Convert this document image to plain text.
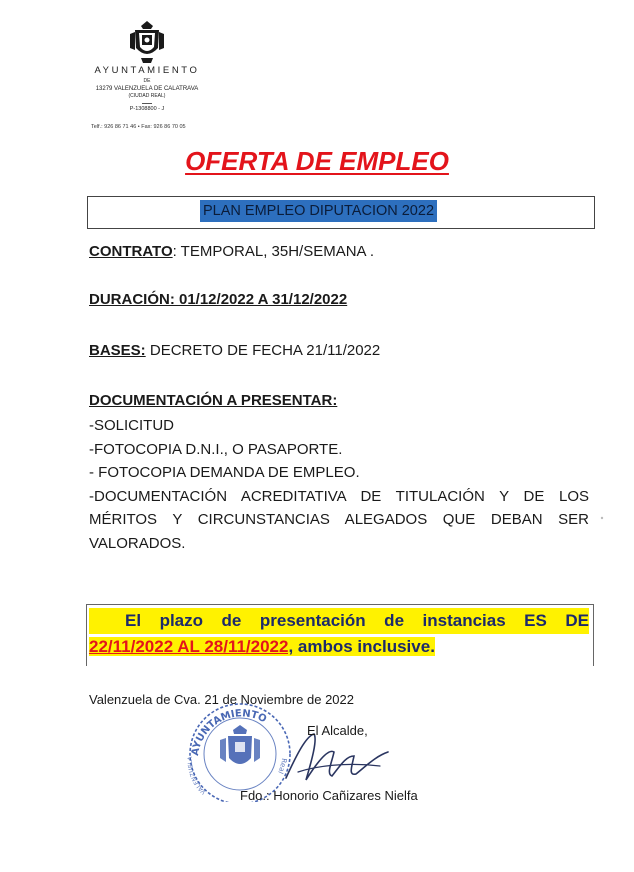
AYUNTAMIENTO
DE
13279 VALENZUELA DE CALATRAVA
(CIUDAD REAL)
P-1308800 - J
Telf.: 926 86 71 46 • Fax: 926 86 70 05
OFERTA DE EMPLEO
PLAN EMPLEO DIPUTACION 2022
CONTRATO: TEMPORAL, 35H/SEMANA .
DURACIÓN: 01/12/2022 A 31/12/2022
BASES: DECRETO DE FECHA 21/11/2022
DOCUMENTACIÓN A PRESENTAR:
-SOLICITUD
-FOTOCOPIA D.N.I., O PASAPORTE.
- FOTOCOPIA DEMANDA DE EMPLEO.
-DOCUMENTACIÓN ACREDITATIVA DE TITULACIÓN Y DE LOS
MÉRITOS Y CIRCUNSTANCIAS ALEGADOS QUE DEBAN SER
VALORADOS.
El plazo de presentación de instancias ES DE
22/11/2022 AL 28/11/2022, ambos inclusive.
Valenzuela de Cva. 21 de Noviembre de 2022
AYUNTAMIENTO
VALENZUELA	Real
El Alcalde,
Fdo.: Honorio Cañizares Nielfa
